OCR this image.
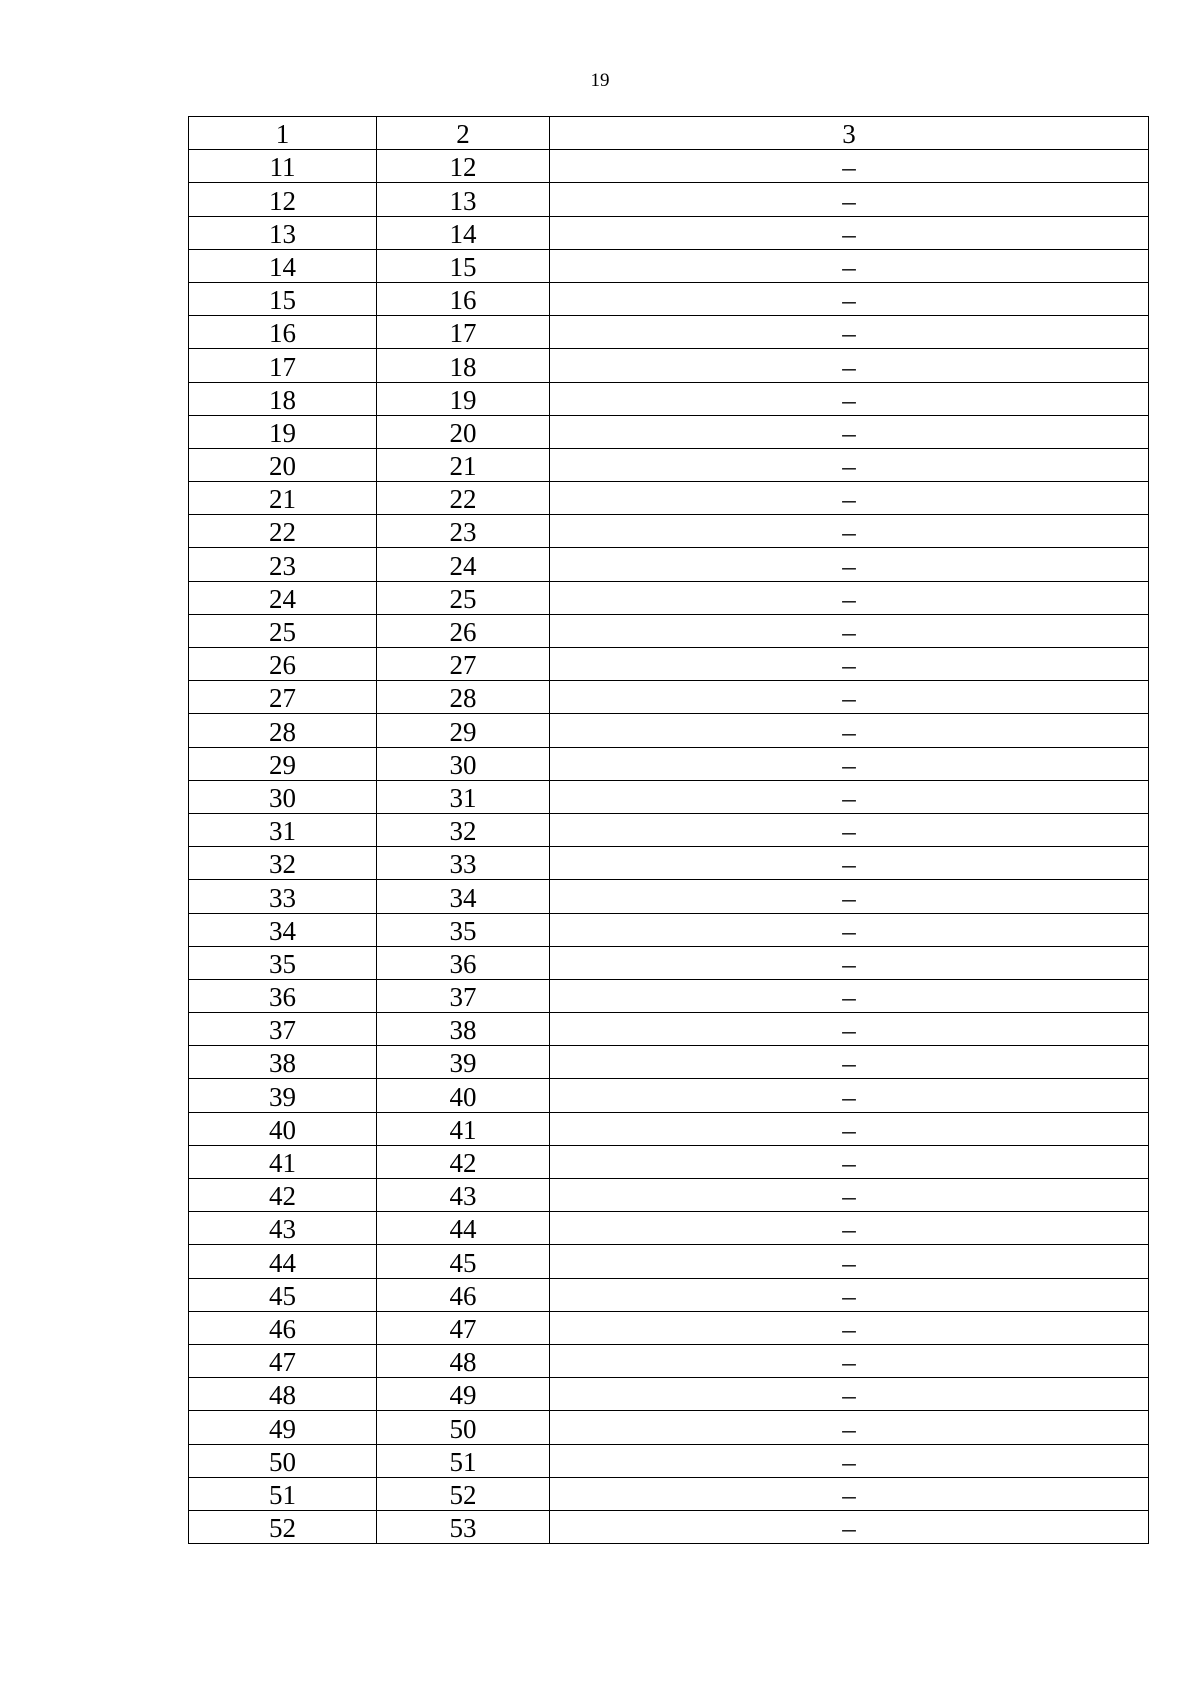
19
1	2	3
11	12	–
12	13	–
13	14	–
14	15	–
15	16	–
16	17	–
17	18	–
18	19	–
19	20	–
20	21	–
21	22	–
22	23	–
23	24	–
24	25	–
25	26	–
26	27	–
27	28	–
28	29	–
29	30	–
30	31	–
31	32	–
32	33	–
33	34	–
34	35	–
35	36	–
36	37	–
37	38	–
38	39	–
39	40	–
40	41	–
41	42	–
42	43	–
43	44	–
44	45	–
45	46	–
46	47	–
47	48	–
48	49	–
49	50	–
50	51	–
51	52	–
52	53	–
